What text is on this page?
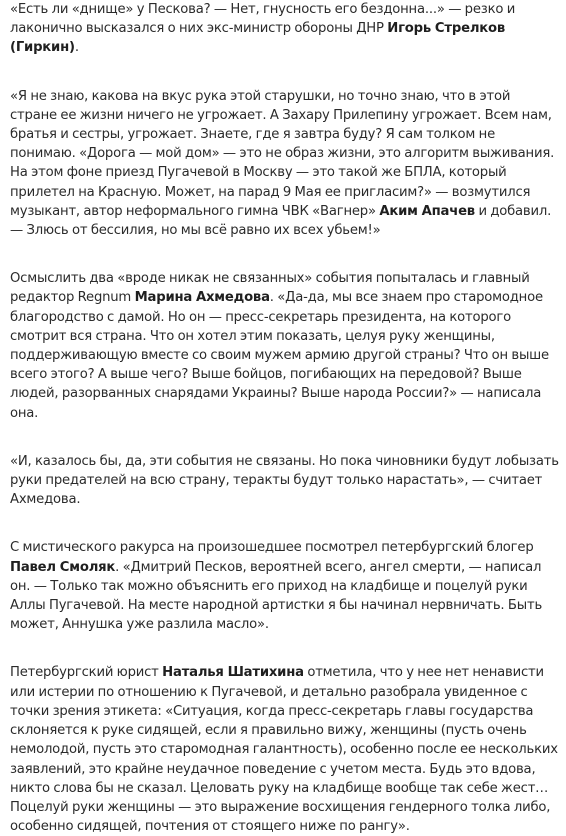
«Есть ли «днище» у Пескова? — Нет, гнусность его бездонна...» — резко и лаконично высказался о них экс-министр обороны ДНР Игорь Стрелков (Гиркин).

«Я не знаю, какова на вкус рука этой старушки, но точно знаю, что в этой стране ее жизни ничего не угрожает. А Захару Прилепину угрожает. Всем нам, братья и сестры, угрожает. Знаете, где я завтра буду? Я сам толком не понимаю. «Дорога — мой дом» — это не образ жизни, это алгоритм выживания. На этом фоне приезд Пугачевой в Москву — это такой же БПЛА, который прилетел на Красную. Может, на парад 9 Мая ее пригласим?» — возмутился музыкант, автор неформального гимна ЧВК «Вагнер» Аким Апачев и добавил. — Злюсь от бессилия, но мы всё равно их всех убьем!»

Осмыслить два «вроде никак не связанных» события попыталась и главный редактор Regnum Марина Ахмедова. «Да-да, мы все знаем про старомодное благородство с дамой. Но он — пресс-секретарь президента, на которого смотрит вся страна. Что он хотел этим показать, целуя руку женщины, поддерживающую вместе со своим мужем армию другой страны? Что он выше всего этого? А выше чего? Выше бойцов, погибающих на передовой? Выше людей, разорванных снарядами Украины? Выше народа России?» — написала она.

«И, казалось бы, да, эти события не связаны. Но пока чиновники будут лобызать руки предателей на всю страну, теракты будут только нарастать», — считает Ахмедова.

С мистического ракурса на произошедшее посмотрел петербургский блогер Павел Смоляк. «Дмитрий Песков, вероятней всего, ангел смерти, — написал он. — Только так можно объяснить его приход на кладбище и поцелуй руки Аллы Пугачевой. На месте народной артистки я бы начинал нервничать. Быть может, Аннушка уже разлила масло».

Петербургский юрист Наталья Шатихина отметила, что у нее нет ненависти или истерии по отношению к Пугачевой, и детально разобрала увиденное с точки зрения этикета: «Ситуация, когда пресс-секретарь главы государства склоняется к руке сидящей, если я правильно вижу, женщины (пусть очень немолодой, пусть это старомодная галантность), особенно после ее нескольких заявлений, это крайне неудачное поведение с учетом места. Будь это вдова, никто слова бы не сказал. Целовать руку на кладбище вообще так себе жест… Поцелуй руки женщины — это выражение восхищения гендерного толка либо, особенно сидящей, почтения от стоящего ниже по рангу».
